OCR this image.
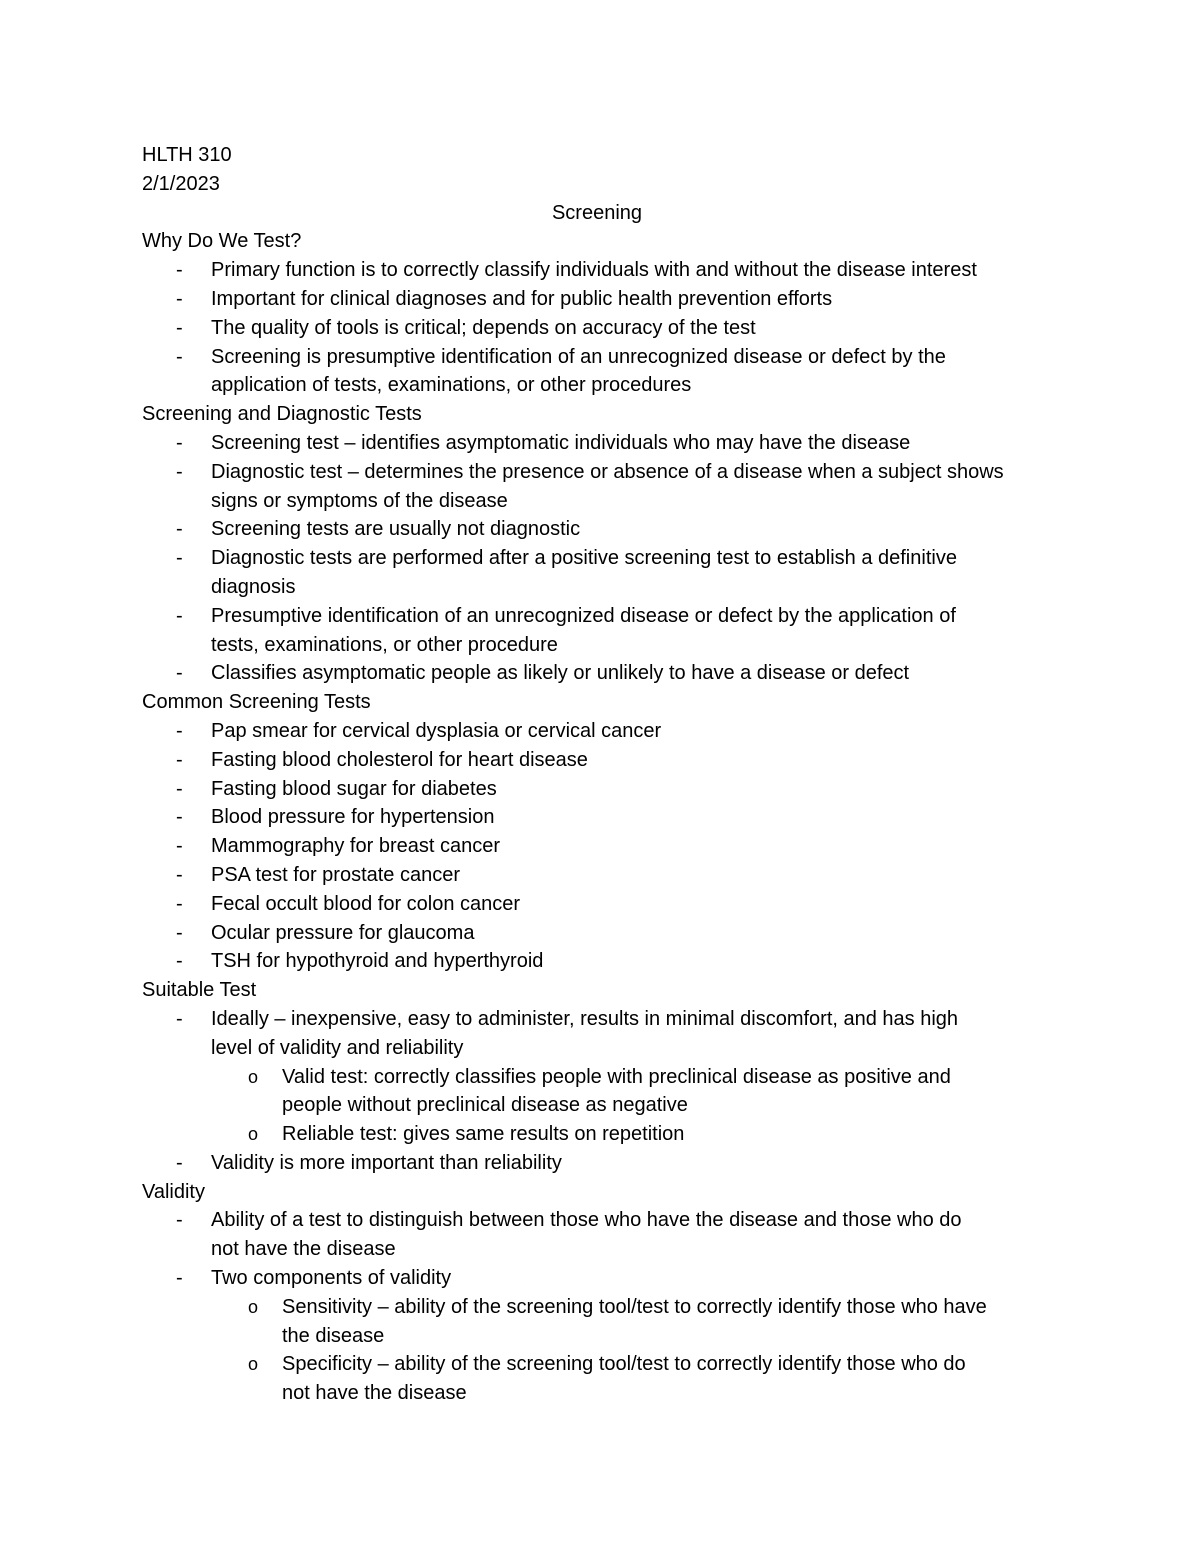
HLTH 310
2/1/2023
Screening
Why Do We Test?
-	Primary function is to correctly classify individuals with and without the disease interest
-	Important for clinical diagnoses and for public health prevention efforts
-	The quality of tools is critical; depends on accuracy of the test
-	Screening is presumptive identification of an unrecognized disease or defect by the
application of tests, examinations, or other procedures
Screening and Diagnostic Tests
-	Screening test – identifies asymptomatic individuals who may have the disease
-	Diagnostic test – determines the presence or absence of a disease when a subject shows
signs or symptoms of the disease
-	Screening tests are usually not diagnostic
-	Diagnostic tests are performed after a positive screening test to establish a definitive
diagnosis
-	Presumptive identification of an unrecognized disease or defect by the application of
tests, examinations, or other procedure
-	Classifies asymptomatic people as likely or unlikely to have a disease or defect
Common Screening Tests
-	Pap smear for cervical dysplasia or cervical cancer
-	Fasting blood cholesterol for heart disease
-	Fasting blood sugar for diabetes
-	Blood pressure for hypertension
-	Mammography for breast cancer
-	PSA test for prostate cancer
-	Fecal occult blood for colon cancer
-	Ocular pressure for glaucoma
-	TSH for hypothyroid and hyperthyroid
Suitable Test
-	Ideally – inexpensive, easy to administer, results in minimal discomfort, and has high
level of validity and reliability
o	Valid test: correctly classifies people with preclinical disease as positive and
people without preclinical disease as negative
o	Reliable test: gives same results on repetition
-	Validity is more important than reliability
Validity
-	Ability of a test to distinguish between those who have the disease and those who do
not have the disease
-	Two components of validity
o	Sensitivity – ability of the screening tool/test to correctly identify those who have
the disease
o	Specificity – ability of the screening tool/test to correctly identify those who do
not have the disease
